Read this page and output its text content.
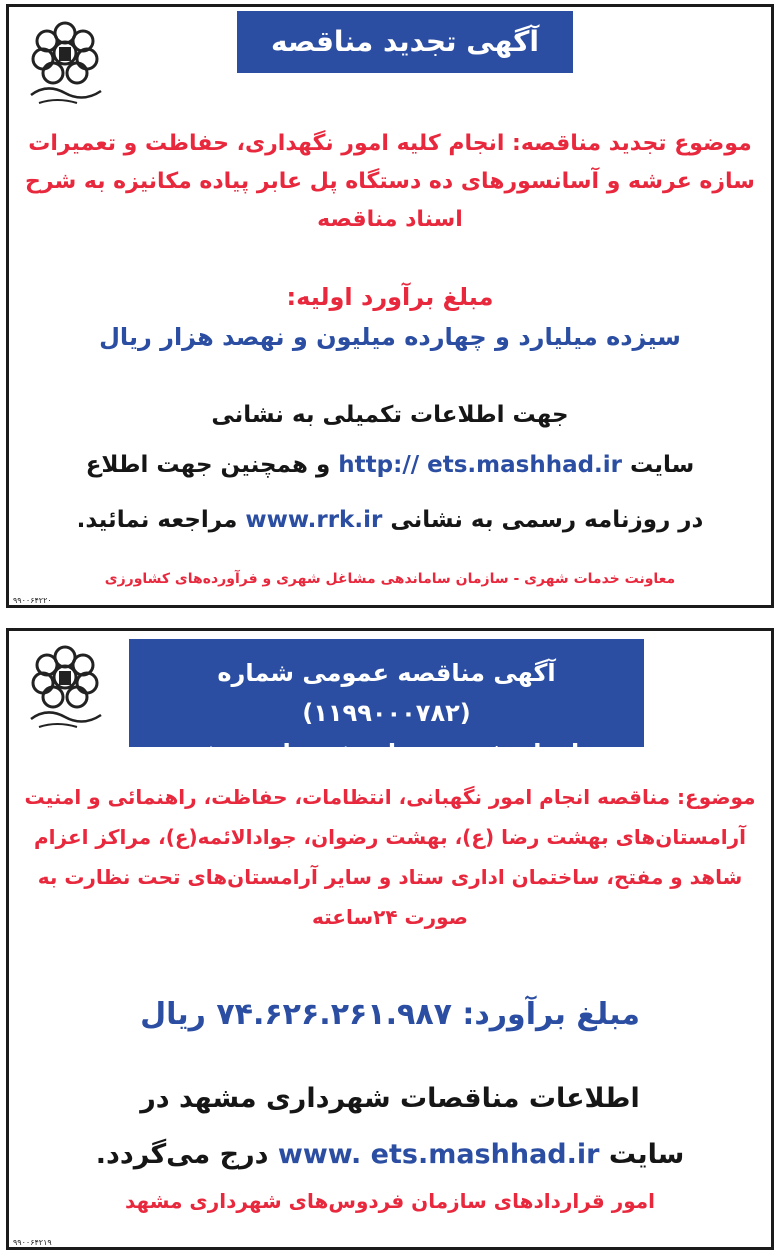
آگهی تجدید مناقصه
موضوع تجدید مناقصه: انجام کلیه امور نگهداری، حفاظت و تعمیرات سازه عرشه و آسانسورهای ده دستگاه پل عابر پیاده مکانیزه به شرح اسناد مناقصه
مبلغ برآورد اولیه:
سیزده میلیارد و چهارده میلیون و نهصد هزار ریال
جهت اطلاعات تکمیلی به نشانی
سایت http:// ets.mashhad.ir و همچنین جهت اطلاع
در روزنامه رسمی به نشانی www.rrk.ir مراجعه نمائید.
معاونت خدمات شهری - سازمان ساماندهی مشاغل شهری و فرآورده‌های کشاورزی
۹۹۰۰۶۴۲۲۰
آگهی مناقصه عمومی شماره (۱۱۹۹۰۰۰۷۸۲)
سازمان فردوس‌های شهرداری مشهد
موضوع: مناقصه انجام امور نگهبانی، انتظامات، حفاظت، راهنمائی و امنیت آرامستان‌های بهشت رضا (ع)، بهشت رضوان، جوادالائمه(ع)، مراکز اعزام شاهد و مفتح، ساختمان اداری ستاد و سایر آرامستان‌های تحت نظارت به صورت ۲۴ساعته
مبلغ برآورد: ۷۴.۶۲۶.۲۶۱.۹۸۷ ریال
اطلاعات مناقصات شهرداری مشهد در
سایت www. ets.mashhad.ir درج می‌گردد.
امور قراردادهای سازمان فردوس‌های شهرداری مشهد
۹۹۰۰۶۴۲۱۹
